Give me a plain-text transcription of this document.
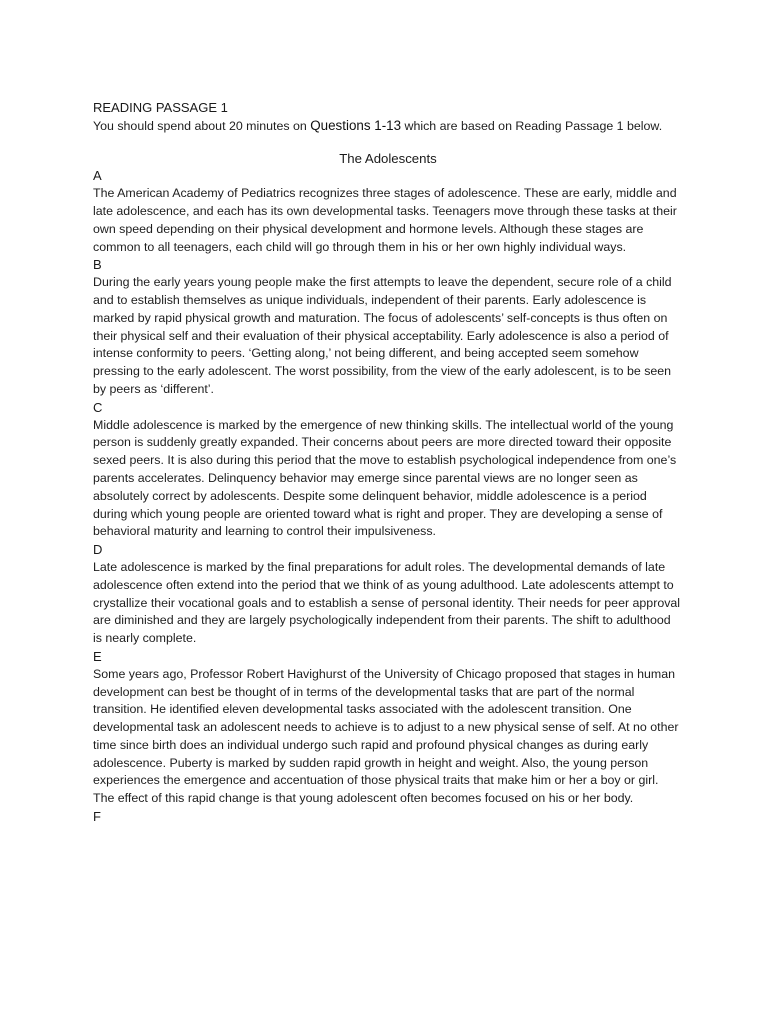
READING PASSAGE 1

You should spend about 20 minutes on Questions 1-13 which are based on Reading Passage 1 below.

The Adolescents

A

The American Academy of Pediatrics recognizes three stages of adolescence. These are early, middle and late adolescence, and each has its own developmental tasks. Teenagers move through these tasks at their own speed depending on their physical development and hormone levels. Although these stages are common to all teenagers, each child will go through them in his or her own highly individual ways.

B

During the early years young people make the first attempts to leave the dependent, secure role of a child and to establish themselves as unique individuals, independent of their parents. Early adolescence is marked by rapid physical growth and maturation. The focus of adolescents’ self-concepts is thus often on their physical self and their evaluation of their physical acceptability. Early adolescence is also a period of intense conformity to peers. ‘Getting along,’ not being different, and being accepted seem somehow pressing to the early adolescent. The worst possibility, from the view of the early adolescent, is to be seen by peers as ‘different’.

C

Middle adolescence is marked by the emergence of new thinking skills. The intellectual world of the young person is suddenly greatly expanded. Their concerns about peers are more directed toward their opposite sexed peers. It is also during this period that the move to establish psychological independence from one’s parents accelerates. Delinquency behavior may emerge since parental views are no longer seen as absolutely correct by adolescents. Despite some delinquent behavior, middle adolescence is a period during which young people are oriented toward what is right and proper. They are developing a sense of behavioral maturity and learning to control their impulsiveness.

D

Late adolescence is marked by the final preparations for adult roles. The developmental demands of late adolescence often extend into the period that we think of as young adulthood. Late adolescents attempt to crystallize their vocational goals and to establish a sense of personal identity. Their needs for peer approval are diminished and they are largely psychologically independent from their parents. The shift to adulthood is nearly complete.

E

Some years ago, Professor Robert Havighurst of the University of Chicago proposed that stages in human development can best be thought of in terms of the developmental tasks that are part of the normal transition. He identified eleven developmental tasks associated with the adolescent transition. One developmental task an adolescent needs to achieve is to adjust to a new physical sense of self. At no other time since birth does an individual undergo such rapid and profound physical changes as during early adolescence. Puberty is marked by sudden rapid growth in height and weight. Also, the young person experiences the emergence and accentuation of those physical traits that make him or her a boy or girl. The effect of this rapid change is that young adolescent often becomes focused on his or her body.

F
